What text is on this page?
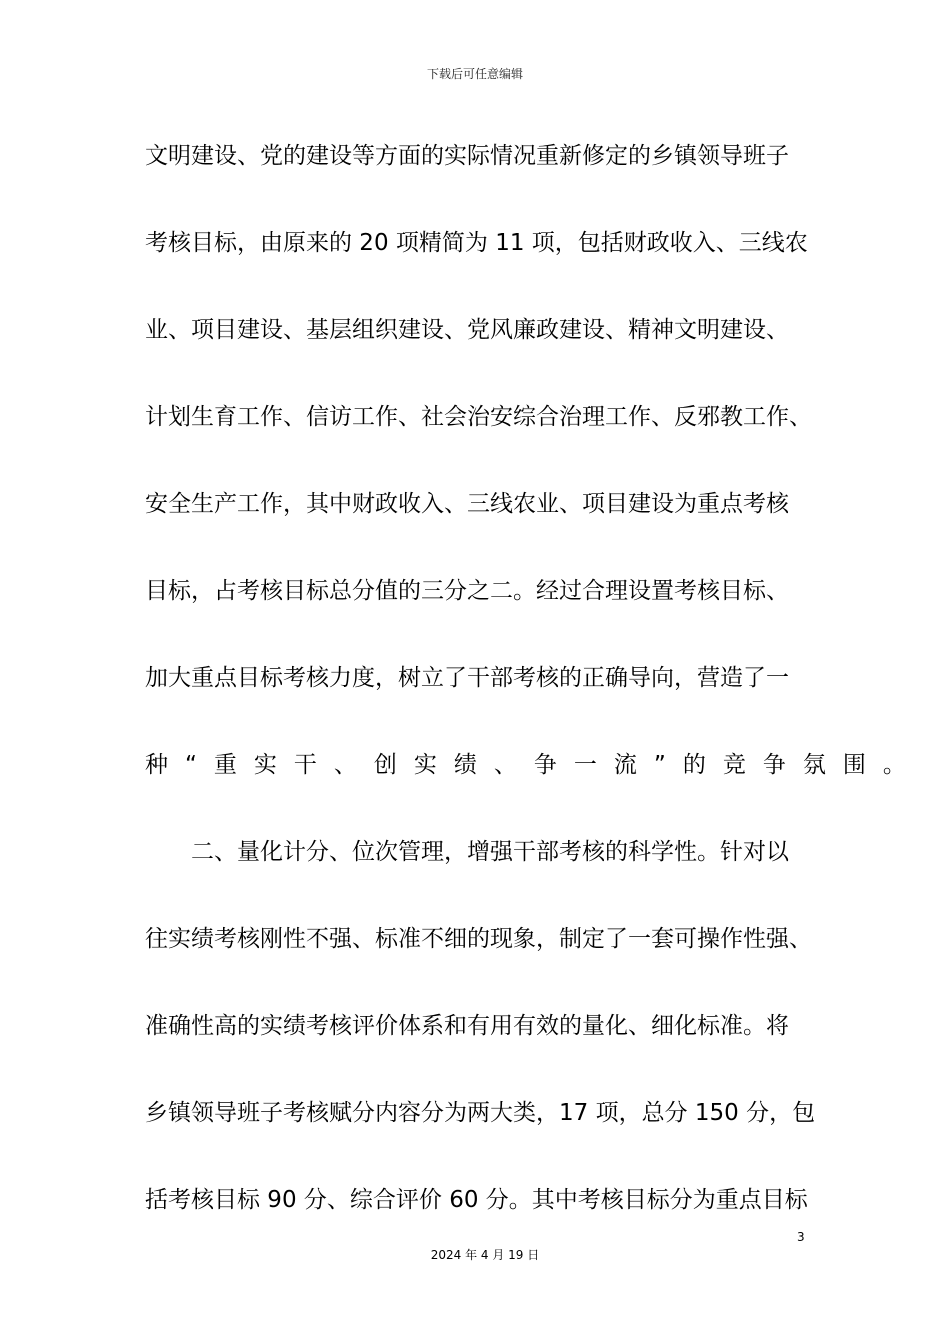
下载后可任意编辑
文明建设、党的建设等方面的实际情况重新修定的乡镇领导班子
考核目标，由原来的 20 项精简为 11 项，包括财政收入、三线农
业、项目建设、基层组织建设、党风廉政建设、精神文明建设、
计划生育工作、信访工作、社会治安综合治理工作、反邪教工作、
安全生产工作，其中财政收入、三线农业、项目建设为重点考核
目标，占考核目标总分值的三分之二。经过合理设置考核目标、
加大重点目标考核力度，树立了干部考核的正确导向，营造了一
种“重实干、创实绩、争一流”的竞争氛围。
二、量化计分、位次管理，增强干部考核的科学性。针对以
往实绩考核刚性不强、标准不细的现象，制定了一套可操作性强、
准确性高的实绩考核评价体系和有用有效的量化、细化标准。将
乡镇领导班子考核赋分内容分为两大类，17 项，总分 150 分，包
括考核目标 90 分、综合评价 60 分。其中考核目标分为重点目标
3
2024 年 4 月 19 日
